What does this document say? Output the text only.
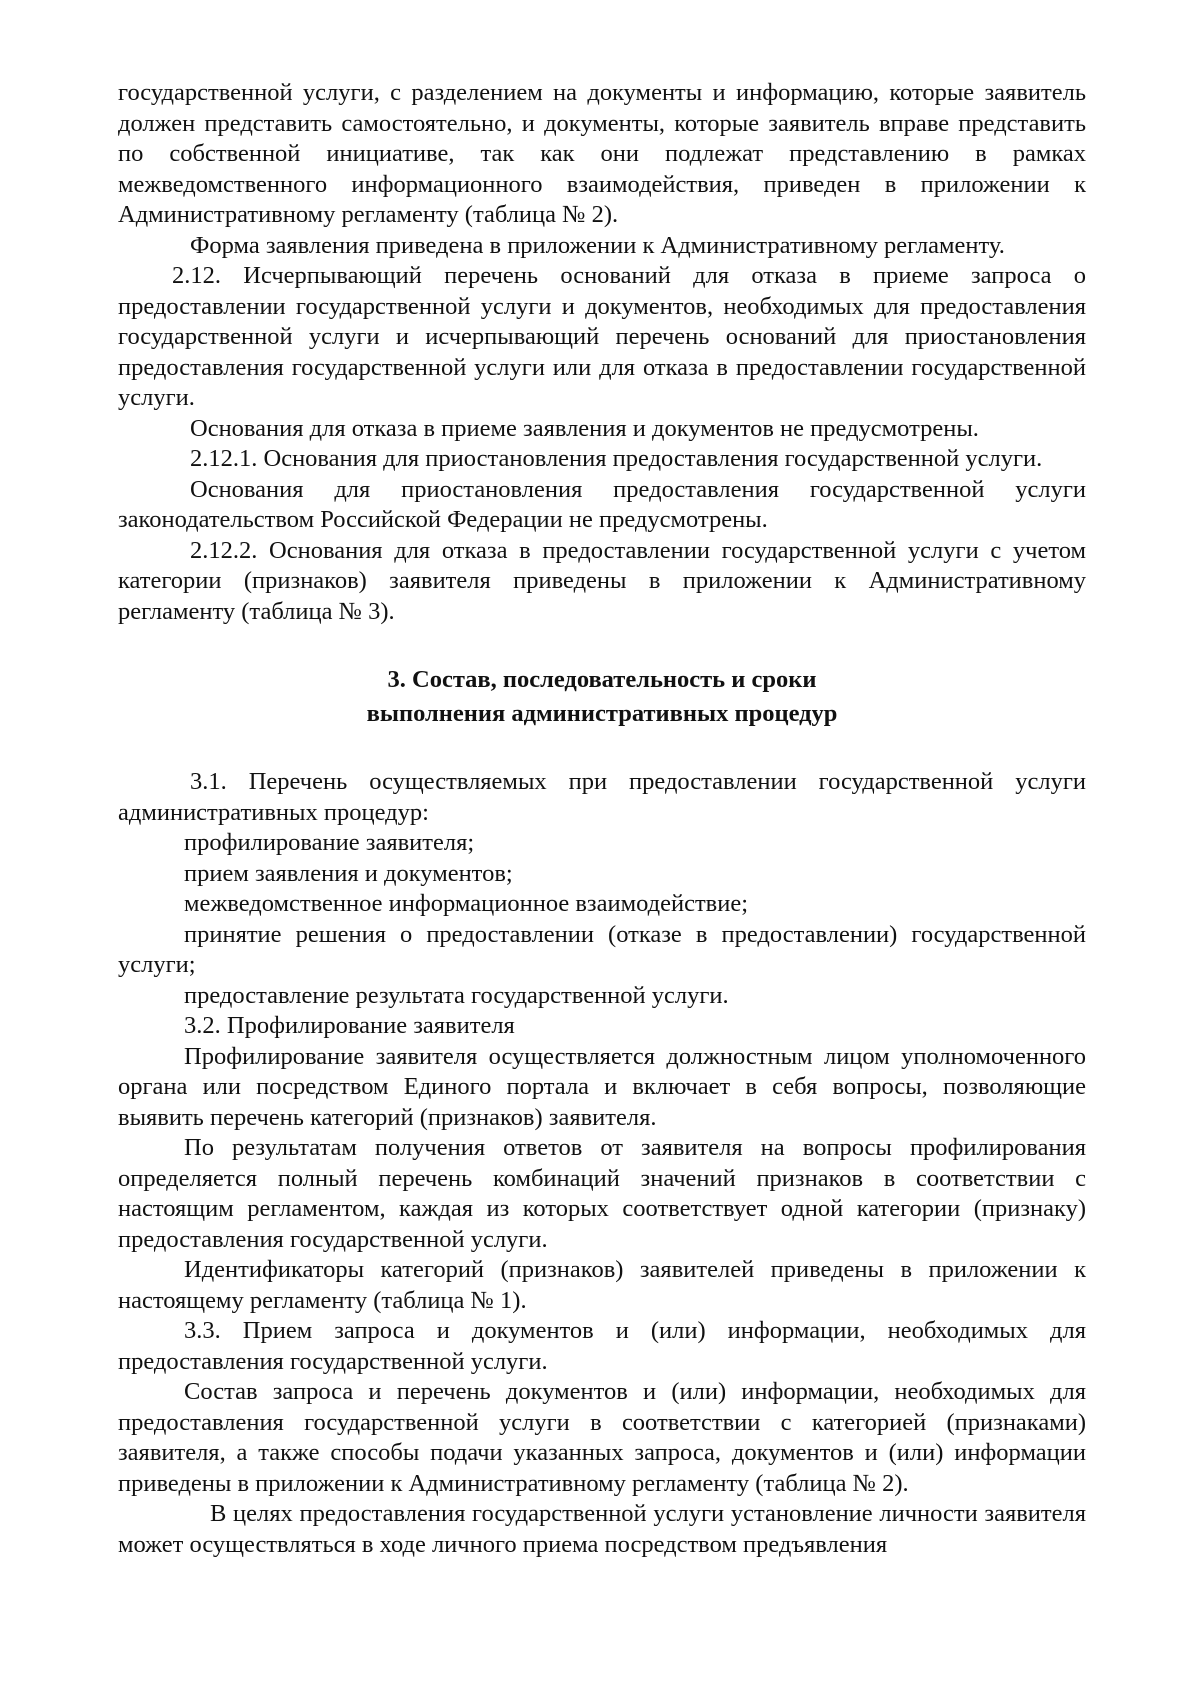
государственной услуги, с разделением на документы и информацию, которые заявитель должен представить самостоятельно, и документы, которые заявитель вправе представить по собственной инициативе, так как они подлежат представлению в рамках межведомственного информационного взаимодействия, приведен в приложении к Административному регламенту (таблица № 2).

Форма заявления приведена в приложении к Административному регламенту.

2.12. Исчерпывающий перечень оснований для отказа в приеме запроса о предоставлении государственной услуги и документов, необходимых для предоставления государственной услуги и исчерпывающий перечень оснований для приостановления предоставления государственной услуги или для отказа в предоставлении государственной услуги.

Основания для отказа в приеме заявления и документов не предусмотрены.

2.12.1. Основания для приостановления предоставления государственной услуги.

Основания для приостановления предоставления государственной услуги законодательством Российской Федерации не предусмотрены.

2.12.2. Основания для отказа в предоставлении государственной услуги с учетом категории (признаков) заявителя приведены в приложении к Административному регламенту (таблица № 3).

3. Состав, последовательность и сроки
выполнения административных процедур

3.1. Перечень осуществляемых при предоставлении государственной услуги административных процедур:

профилирование заявителя;

прием заявления и документов;

межведомственное информационное взаимодействие;

принятие решения о предоставлении (отказе в предоставлении) государственной услуги;

предоставление результата государственной услуги.

3.2. Профилирование заявителя

Профилирование заявителя осуществляется должностным лицом уполномоченного органа или посредством Единого портала и включает в себя вопросы, позволяющие выявить перечень категорий (признаков) заявителя.

По результатам получения ответов от заявителя на вопросы профилирования определяется полный перечень комбинаций значений признаков в соответствии с настоящим регламентом, каждая из которых соответствует одной категории (признаку) предоставления государственной услуги.

Идентификаторы категорий (признаков) заявителей приведены в приложении к настоящему регламенту (таблица № 1).

3.3. Прием запроса и документов и (или) информации, необходимых для предоставления государственной услуги.

Состав запроса и перечень документов и (или) информации, необходимых для предоставления государственной услуги в соответствии с категорией (признаками) заявителя, а также способы подачи указанных запроса, документов и (или) информации приведены в приложении к Административному регламенту (таблица № 2).

В целях предоставления государственной услуги установление личности заявителя может осуществляться в ходе личного приема посредством предъявления
